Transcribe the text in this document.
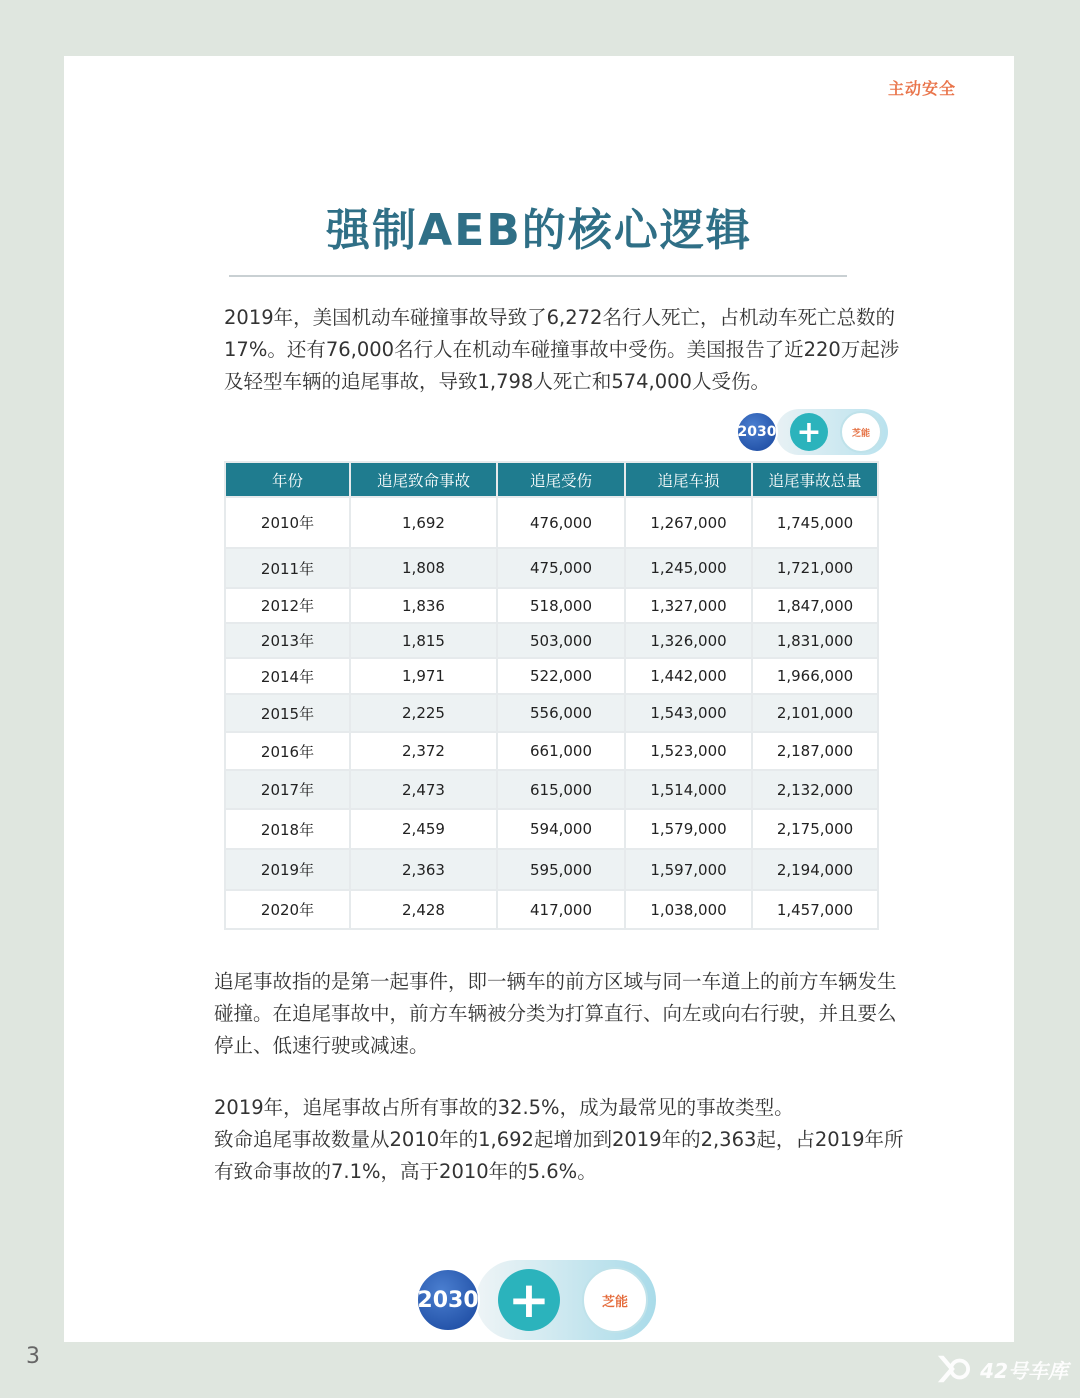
主动安全
强制AEB的核心逻辑
2019年，美国机动车碰撞事故导致了6,272名行人死亡，占机动车死亡总数的17%。还有76,000名行人在机动车碰撞事故中受伤。美国报告了近220万起涉及轻型车辆的追尾事故，导致1,798人死亡和574,000人受伤。
2030 +	芝能
年份	追尾致命事故	追尾受伤	追尾车损	追尾事故总量
2010年	1,692	476,000	1,267,000	1,745,000
2011年	1,808	475,000	1,245,000	1,721,000
2012年	1,836	518,000	1,327,000	1,847,000
2013年	1,815	503,000	1,326,000	1,831,000
2014年	1,971	522,000	1,442,000	1,966,000
2015年	2,225	556,000	1,543,000	2,101,000
2016年	2,372	661,000	1,523,000	2,187,000
2017年	2,473	615,000	1,514,000	2,132,000
2018年	2,459	594,000	1,579,000	2,175,000
2019年	2,363	595,000	1,597,000	2,194,000
2020年	2,428	417,000	1,038,000	1,457,000
追尾事故指的是第一起事件，即一辆车的前方区域与同一车道上的前方车辆发生碰撞。在追尾事故中，前方车辆被分类为打算直行、向左或向右行驶，并且要么停止、低速行驶或减速。
2019年，追尾事故占所有事故的32.5%，成为最常见的事故类型。
致命追尾事故数量从2010年的1,692起增加到2019年的2,363起，占2019年所有致命事故的7.1%，高于2010年的5.6%。
2030 +	芝能
3
42号车库
